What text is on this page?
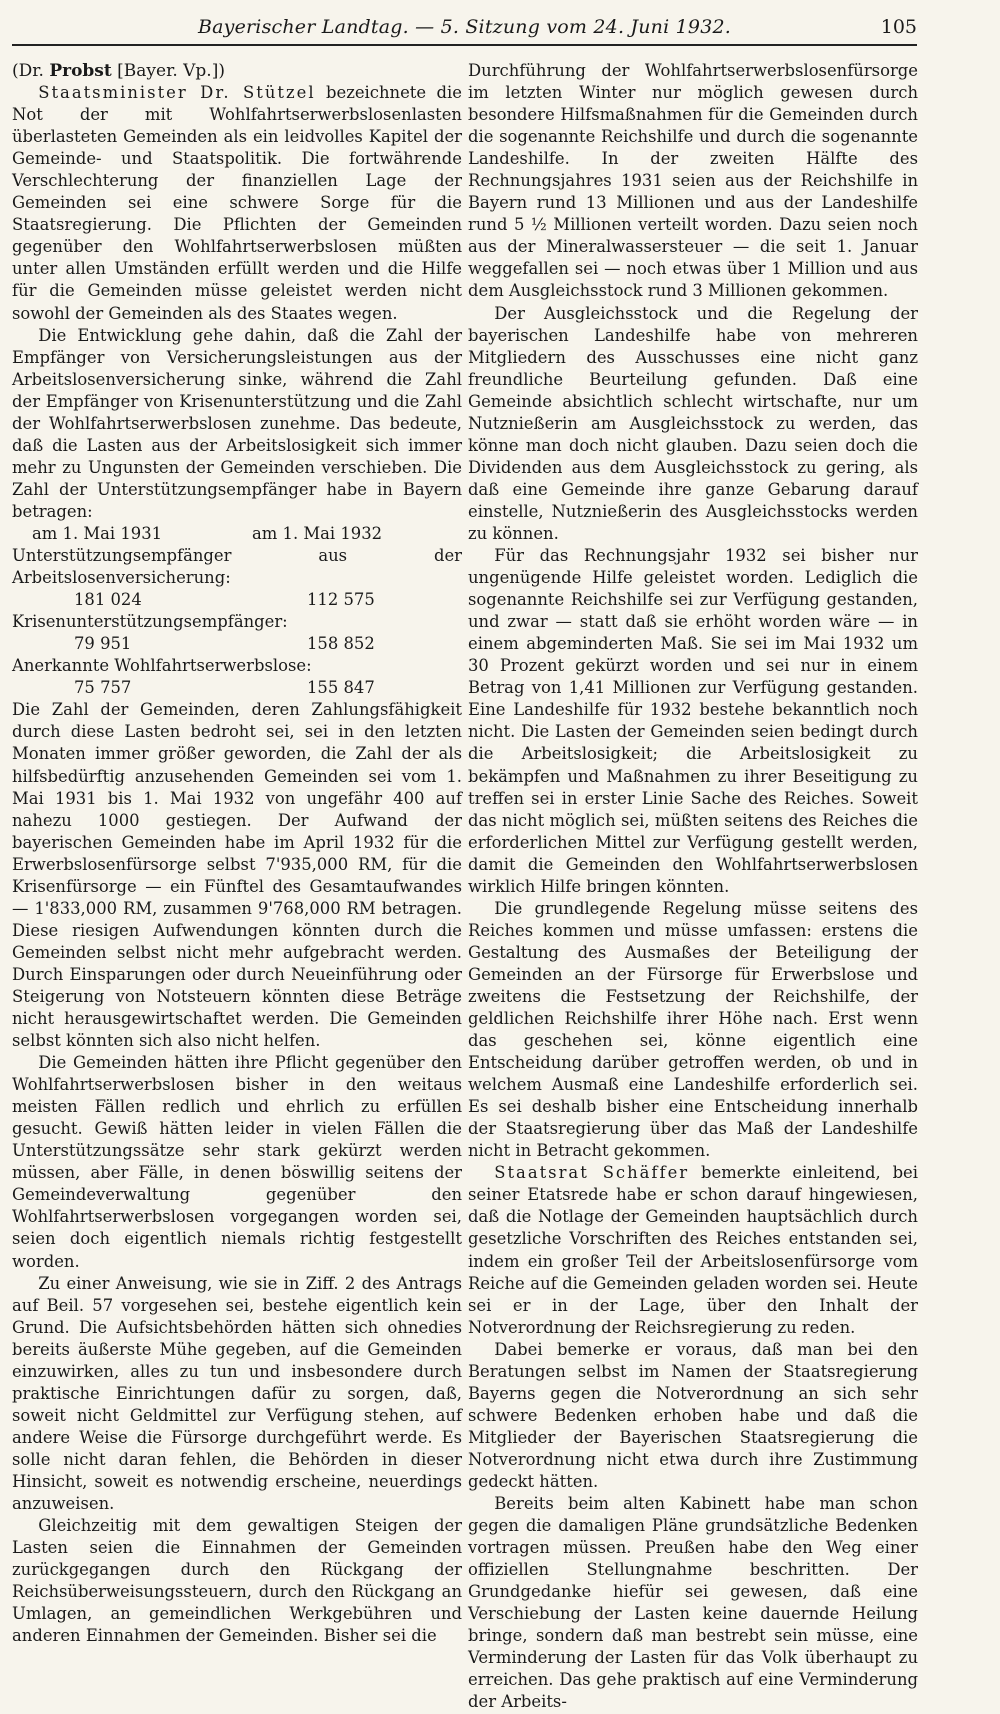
Bayerischer Landtag. — 5. Sitzung vom 24. Juni 1932.	105

(Dr. Probst [Bayer. Vp.])

Staatsminister Dr. Stützel bezeichnete die Not der mit Wohlfahrtserwerbslosenlasten überlasteten Gemeinden als ein leidvolles Kapitel der Gemeinde- und Staatspolitik. Die fortwährende Verschlechterung der finanziellen Lage der Gemeinden sei eine schwere Sorge für die Staatsregierung. Die Pflichten der Gemeinden gegenüber den Wohlfahrtserwerbslosen müßten unter allen Umständen erfüllt werden und die Hilfe für die Gemeinden müsse geleistet werden nicht sowohl der Gemeinden als des Staates wegen.

Die Entwicklung gehe dahin, daß die Zahl der Empfänger von Versicherungsleistungen aus der Arbeitslosenversicherung sinke, während die Zahl der Empfänger von Krisenunterstützung und die Zahl der Wohlfahrtserwerbslosen zunehme. Das bedeute, daß die Lasten aus der Arbeitslosigkeit sich immer mehr zu Ungunsten der Gemeinden verschieben. Die Zahl der Unterstützungsempfänger habe in Bayern betragen:

am 1. Mai 1931	am 1. Mai 1932
Unterstützungsempfänger aus der Arbeitslosenversicherung:
181 024	112 575
Krisenunterstützungsempfänger:
79 951	158 852
Anerkannte Wohlfahrtserwerbslose:
75 757	155 847

Die Zahl der Gemeinden, deren Zahlungsfähigkeit durch diese Lasten bedroht sei, sei in den letzten Monaten immer größer geworden, die Zahl der als hilfsbedürftig anzusehenden Gemeinden sei vom 1. Mai 1931 bis 1. Mai 1932 von ungefähr 400 auf nahezu 1000 gestiegen. Der Aufwand der bayerischen Gemeinden habe im April 1932 für die Erwerbslosenfürsorge selbst 7'935,000 RM, für die Krisenfürsorge — ein Fünftel des Gesamtaufwandes — 1'833,000 RM, zusammen 9'768,000 RM betragen. Diese riesigen Aufwendungen könnten durch die Gemeinden selbst nicht mehr aufgebracht werden. Durch Einsparungen oder durch Neueinführung oder Steigerung von Notsteuern könnten diese Beträge nicht herausgewirtschaftet werden. Die Gemeinden selbst könnten sich also nicht helfen.

Die Gemeinden hätten ihre Pflicht gegenüber den Wohlfahrtserwerbslosen bisher in den weitaus meisten Fällen redlich und ehrlich zu erfüllen gesucht. Gewiß hätten leider in vielen Fällen die Unterstützungssätze sehr stark gekürzt werden müssen, aber Fälle, in denen böswillig seitens der Gemeindeverwaltung gegenüber den Wohlfahrtserwerbslosen vorgegangen worden sei, seien doch eigentlich niemals richtig festgestellt worden.

Zu einer Anweisung, wie sie in Ziff. 2 des Antrags auf Beil. 57 vorgesehen sei, bestehe eigentlich kein Grund. Die Aufsichtsbehörden hätten sich ohnedies bereits äußerste Mühe gegeben, auf die Gemeinden einzuwirken, alles zu tun und insbesondere durch praktische Einrichtungen dafür zu sorgen, daß, soweit nicht Geldmittel zur Verfügung stehen, auf andere Weise die Fürsorge durchgeführt werde. Es solle nicht daran fehlen, die Behörden in dieser Hinsicht, soweit es notwendig erscheine, neuerdings anzuweisen.

Gleichzeitig mit dem gewaltigen Steigen der Lasten seien die Einnahmen der Gemeinden zurückgegangen durch den Rückgang der Reichsüberweisungssteuern, durch den Rückgang an Umlagen, an gemeindlichen Werkgebühren und anderen Einnahmen der Gemeinden. Bisher sei die

Durchführung der Wohlfahrtserwerbslosenfürsorge im letzten Winter nur möglich gewesen durch besondere Hilfsmaßnahmen für die Gemeinden durch die sogenannte Reichshilfe und durch die sogenannte Landeshilfe. In der zweiten Hälfte des Rechnungsjahres 1931 seien aus der Reichshilfe in Bayern rund 13 Millionen und aus der Landeshilfe rund 5 ½ Millionen verteilt worden. Dazu seien noch aus der Mineralwassersteuer — die seit 1. Januar weggefallen sei — noch etwas über 1 Million und aus dem Ausgleichsstock rund 3 Millionen gekommen.

Der Ausgleichsstock und die Regelung der bayerischen Landeshilfe habe von mehreren Mitgliedern des Ausschusses eine nicht ganz freundliche Beurteilung gefunden. Daß eine Gemeinde absichtlich schlecht wirtschafte, nur um Nutznießerin am Ausgleichsstock zu werden, das könne man doch nicht glauben. Dazu seien doch die Dividenden aus dem Ausgleichsstock zu gering, als daß eine Gemeinde ihre ganze Gebarung darauf einstelle, Nutznießerin des Ausgleichsstocks werden zu können.

Für das Rechnungsjahr 1932 sei bisher nur ungenügende Hilfe geleistet worden. Lediglich die sogenannte Reichshilfe sei zur Verfügung gestanden, und zwar — statt daß sie erhöht worden wäre — in einem abgeminderten Maß. Sie sei im Mai 1932 um 30 Prozent gekürzt worden und sei nur in einem Betrag von 1,41 Millionen zur Verfügung gestanden. Eine Landeshilfe für 1932 bestehe bekanntlich noch nicht. Die Lasten der Gemeinden seien bedingt durch die Arbeitslosigkeit; die Arbeitslosigkeit zu bekämpfen und Maßnahmen zu ihrer Beseitigung zu treffen sei in erster Linie Sache des Reiches. Soweit das nicht möglich sei, müßten seitens des Reiches die erforderlichen Mittel zur Verfügung gestellt werden, damit die Gemeinden den Wohlfahrtserwerbslosen wirklich Hilfe bringen könnten.

Die grundlegende Regelung müsse seitens des Reiches kommen und müsse umfassen: erstens die Gestaltung des Ausmaßes der Beteiligung der Gemeinden an der Fürsorge für Erwerbslose und zweitens die Festsetzung der Reichshilfe, der geldlichen Reichshilfe ihrer Höhe nach. Erst wenn das geschehen sei, könne eigentlich eine Entscheidung darüber getroffen werden, ob und in welchem Ausmaß eine Landeshilfe erforderlich sei. Es sei deshalb bisher eine Entscheidung innerhalb der Staatsregierung über das Maß der Landeshilfe nicht in Betracht gekommen.

Staatsrat Schäffer bemerkte einleitend, bei seiner Etatsrede habe er schon darauf hingewiesen, daß die Notlage der Gemeinden hauptsächlich durch gesetzliche Vorschriften des Reiches entstanden sei, indem ein großer Teil der Arbeitslosenfürsorge vom Reiche auf die Gemeinden geladen worden sei. Heute sei er in der Lage, über den Inhalt der Notverordnung der Reichsregierung zu reden.

Dabei bemerke er voraus, daß man bei den Beratungen selbst im Namen der Staatsregierung Bayerns gegen die Notverordnung an sich sehr schwere Bedenken erhoben habe und daß die Mitglieder der Bayerischen Staatsregierung die Notverordnung nicht etwa durch ihre Zustimmung gedeckt hätten.

Bereits beim alten Kabinett habe man schon gegen die damaligen Pläne grundsätzliche Bedenken vortragen müssen. Preußen habe den Weg einer offiziellen Stellungnahme beschritten. Der Grundgedanke hiefür sei gewesen, daß eine Verschiebung der Lasten keine dauernde Heilung bringe, sondern daß man bestrebt sein müsse, eine Verminderung der Lasten für das Volk überhaupt zu erreichen. Das gehe praktisch auf eine Verminderung der Arbeits-
